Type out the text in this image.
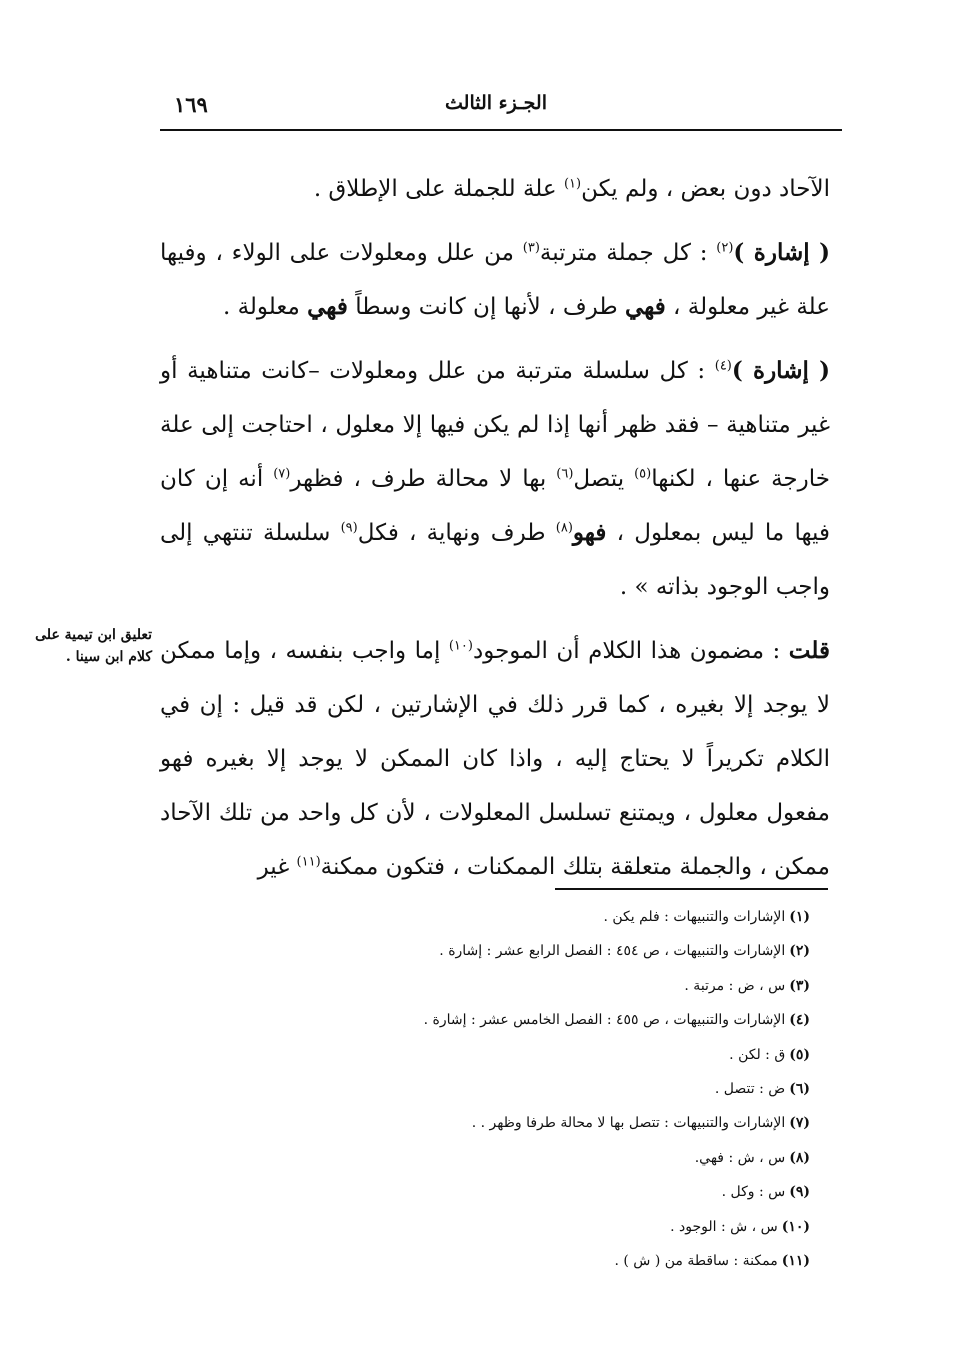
١٦٩	الجـزء الثالث

الآحاد دون بعض ، ولم يكن$^{(١)}$ علة للجملة على الإطلاق .

( إشارة )$^{(٢)}$ : كل جملة مترتبة$^{(٣)}$ من علل ومعلولات على الولاء ، وفيها علة غير معلولة ، فهي طرف ، لأنها إن كانت وسطاً فهي معلولة .

( إشارة )$^{(٤)}$ : كل سلسلة مترتبة من علل ومعلولات –كانت متناهية أو غير متناهية – فقد ظهر أنها إذا لم يكن فيها إلا معلول ، احتاجت إلى علة خارجة عنها ، لكنها$^{(٥)}$ يتصل$^{(٦)}$ بها لا محالة طرف ، فظهر$^{(٧)}$ أنه إن كان فيها ما ليس بمعلول ، فهو$^{(٨)}$ طرف ونهاية ، فكل$^{(٩)}$ سلسلة تنتهي إلى واجب الوجود بذاته » .

قلت : مضمون هذا الكلام أن الموجود$^{(١٠)}$ إما واجب بنفسه ، وإما ممكن لا يوجد إلا بغيره ، كما قرر ذلك في الإشارتين ، لكن قد قيل : إن في الكلام تكريراً لا يحتاج إليه ، واذا كان الممكن لا يوجد إلا بغيره فهو مفعول معلول ، ويمتنع تسلسل المعلولات ، لأن كل واحد من تلك الآحاد ممكن ، والجملة متعلقة بتلك الممكنات ، فتكون ممكنة$^{(١١)}$ غير

تعليق ابن تيمية على كلام ابن سينا .
(١)الإشارات والتنبيهات : فلم يكن .
(٢)الإشارات والتنبيهات ، ص ٤٥٤ : الفصل الرابع عشر : إشارة .
(٣)س ، ض : مرتبة .
(٤)الإشارات والتنبيهات ، ص ٤٥٥ : الفصل الخامس عشر : إشارة .
(٥)ق : لكن .
(٦)ض : تتصل .
(٧)الإشارات والتنبيهات : تتصل بها لا محالة طرفا وظهر . .
(٨)س ، ش : فهي.
(٩)س : وكل .
(١٠)س ، ش : الوجود .
(١١)ممكنة : ساقطة من ( ش ) .
